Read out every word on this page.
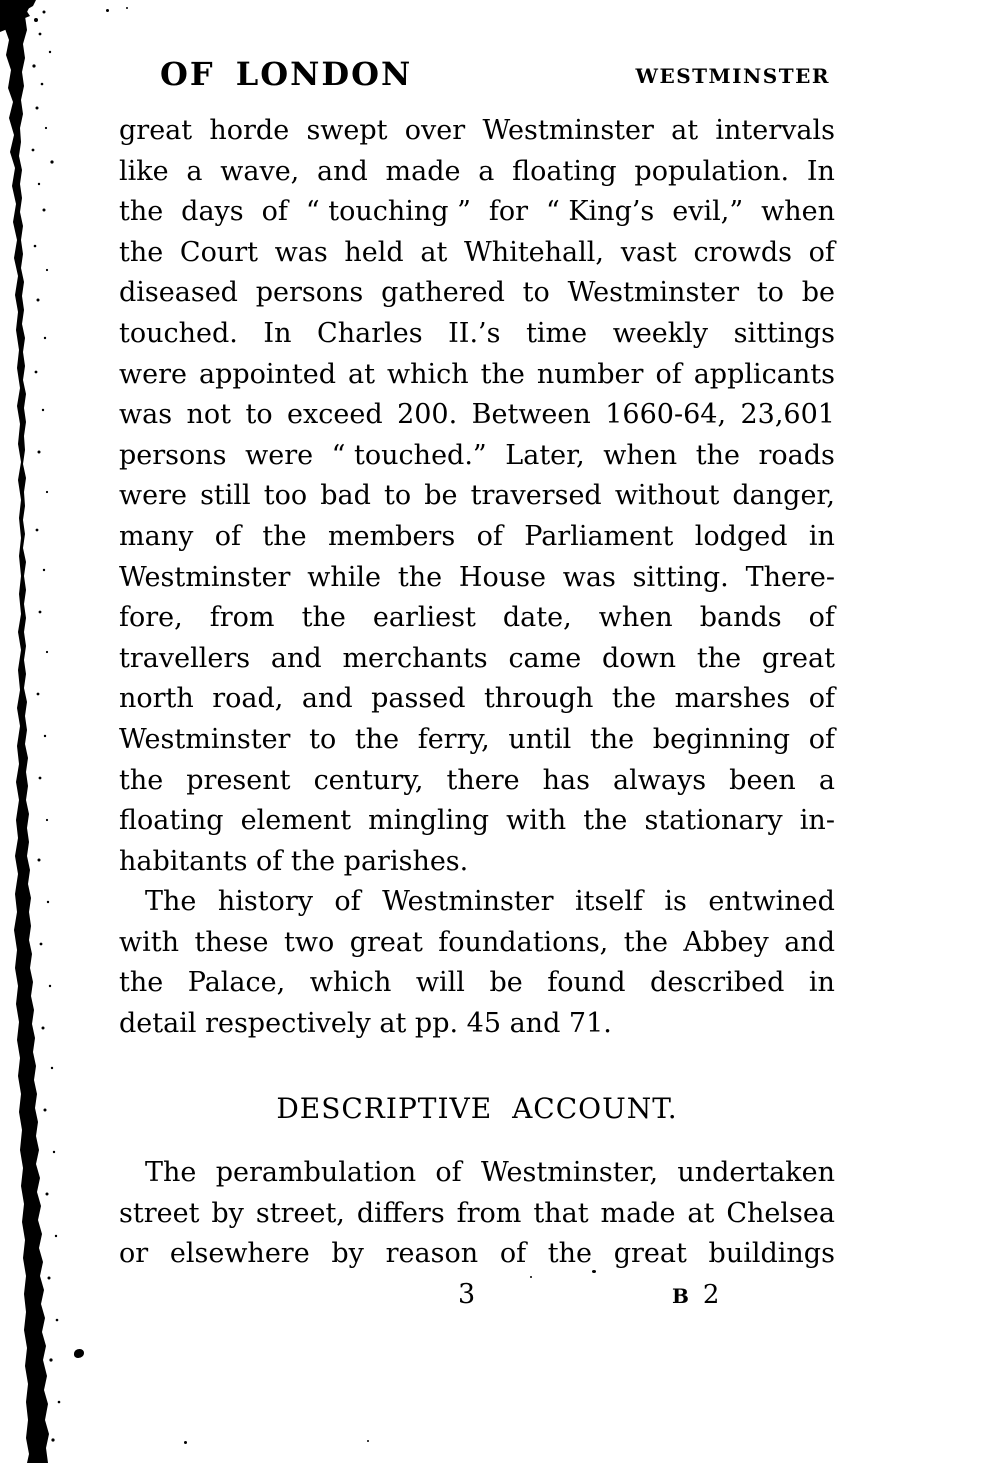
OF LONDON	WESTMINSTER
great horde swept over Westminster at intervals
like a wave, and made a floating population. In
the days of “ touching ” for “ King’s evil,” when
the Court was held at Whitehall, vast crowds of
diseased persons gathered to Westminster to be
touched. In Charles II.’s time weekly sittings
were appointed at which the number of applicants
was not to exceed 200. Between 1660-64, 23,601
persons were “ touched.” Later, when the roads
were still too bad to be traversed without danger,
many of the members of Parliament lodged in
Westminster while the House was sitting. There-
fore, from the earliest date, when bands of
travellers and merchants came down the great
north road, and passed through the marshes of
Westminster to the ferry, until the beginning of
the present century, there has always been a
floating element mingling with the stationary in-
habitants of the parishes.
The history of Westminster itself is entwined
with these two great foundations, the Abbey and
the Palace, which will be found described in
detail respectively at pp. 45 and 71.
DESCRIPTIVE ACCOUNT.
The perambulation of Westminster, undertaken
street by street, differs from that made at Chelsea
or elsewhere by reason of the great buildings
3	B 2
